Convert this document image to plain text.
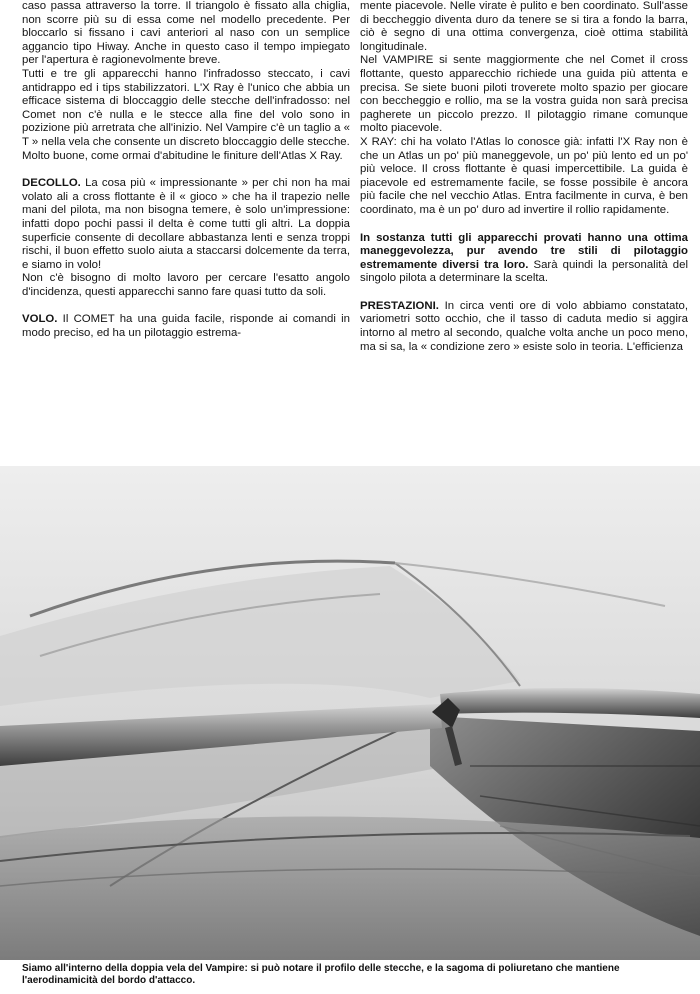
caso passa attraverso la torre. Il triangolo è fissato alla chiglia, non scorre più su di essa come nel modello precedente. Per bloccarlo si fissano i cavi anteriori al naso con un semplice aggancio tipo Hiway. Anche in questo caso il tempo impiegato per l'apertura è ragionevolmente breve.

Tutti e tre gli apparecchi hanno l'infradosso steccato, i cavi antidrappo ed i tips stabilizzatori. L'X Ray è l'unico che abbia un efficace sistema di bloccaggio delle stecche dell'infradosso: nel Comet non c'è nulla e le stecce alla fine del volo sono in pozizione più arretrata che all'inizio. Nel Vampire c'è un taglio a « T » nella vela che consente un discreto bloccaggio delle stecche.

Molto buone, come ormai d'abitudine le finiture dell'Atlas X Ray.

DECOLLO. La cosa più « impressionante » per chi non ha mai volato ali a cross flottante è il « gioco » che ha il trapezio nelle mani del pilota, ma non bisogna temere, è solo un'impressione: infatti dopo pochi passi il delta è come tutti gli altri. La doppia superficie consente di decollare abbastanza lenti e senza troppi rischi, il buon effetto suolo aiuta a staccarsi dolcemente da terra, e siamo in volo!

Non c'è bisogno di molto lavoro per cercare l'esatto angolo d'incidenza, questi apparecchi sanno fare quasi tutto da soli.

VOLO. Il COMET ha una guida facile, risponde ai comandi in modo preciso, ed ha un pilotaggio estrema-

mente piacevole. Nelle virate è pulito e ben coordinato. Sull'asse di beccheggio diventa duro da tenere se si tira a fondo la barra, ciò è segno di una ottima convergenza, cioè ottima stabilità longitudinale.

Nel VAMPIRE si sente maggiormente che nel Comet il cross flottante, questo apparecchio richiede una guida più attenta e precisa. Se siete buoni piloti troverete molto spazio per giocare con beccheggio e rollio, ma se la vostra guida non sarà precisa pagherete un piccolo prezzo. Il pilotaggio rimane comunque molto piacevole.

X RAY: chi ha volato l'Atlas lo conosce già: infatti l'X Ray non è che un Atlas un po' più maneggevole, un po' più lento ed un po' più veloce. Il cross flottante è quasi impercettibile. La guida è piacevole ed estremamente facile, se fosse possibile è ancora più facile che nel vecchio Atlas. Entra facilmente in curva, è ben coordinato, ma è un po' duro ad invertire il rollio rapidamente.

In sostanza tutti gli apparecchi provati hanno una ottima maneggevolezza, pur avendo tre stili di pilotaggio estremamente diversi tra loro. Sarà quindi la personalità del singolo pilota a determinare la scelta.

PRESTAZIONI. In circa venti ore di volo abbiamo constatato, variometri sotto occhio, che il tasso di caduta medio si aggira intorno al metro al secondo, qualche volta anche un poco meno, ma si sa, la « condizione zero » esiste solo in teoria. L'efficienza

Siamo all'interno della doppia vela del Vampire: si può notare il profilo delle stecche, e la sagoma di poliuretano che mantiene l'aerodinamicità del bordo d'attacco.
